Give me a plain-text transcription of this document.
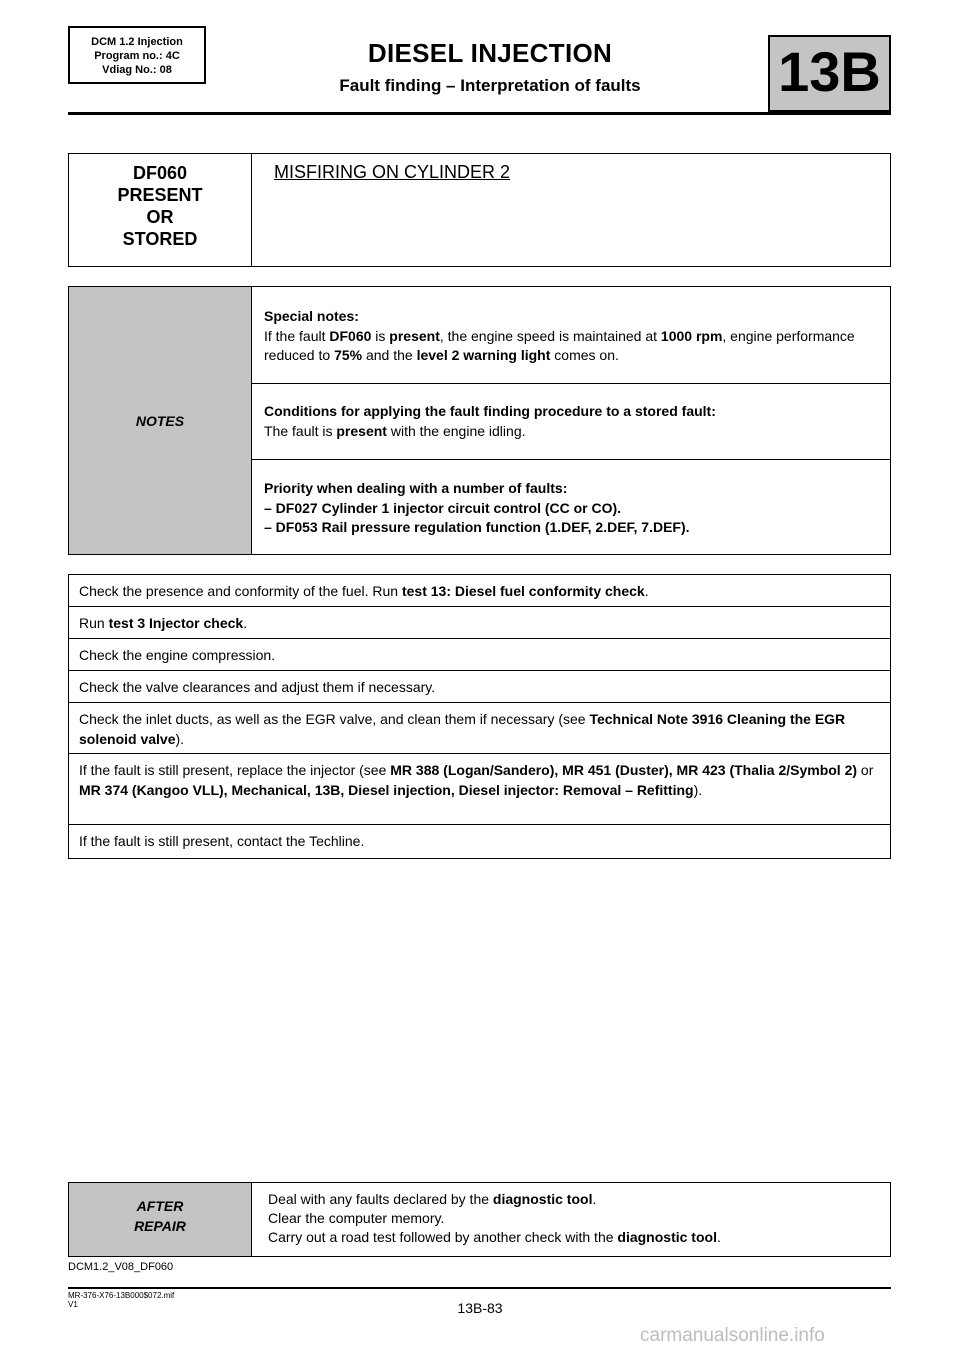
DCM 1.2 Injection
Program no.: 4C
Vdiag No.: 08
DIESEL INJECTION
Fault finding – Interpretation of faults	13B
DF060
PRESENT
OR
STORED
MISFIRING ON CYLINDER 2
NOTES
Special notes:
If the fault DF060 is present, the engine speed is maintained at 1000 rpm, engine performance reduced to 75% and the level 2 warning light comes on.
Conditions for applying the fault finding procedure to a stored fault:
The fault is present with the engine idling.
Priority when dealing with a number of faults:
– DF027 Cylinder 1 injector circuit control (CC or CO).
– DF053 Rail pressure regulation function (1.DEF, 2.DEF, 7.DEF).
Check the presence and conformity of the fuel. Run test 13: Diesel fuel conformity check.
Run test 3 Injector check.
Check the engine compression.
Check the valve clearances and adjust them if necessary.
Check the inlet ducts, as well as the EGR valve, and clean them if necessary (see Technical Note 3916 Cleaning the EGR solenoid valve).
If the fault is still present, replace the injector (see MR 388 (Logan/Sandero), MR 451 (Duster), MR 423 (Thalia 2/Symbol 2) or MR 374 (Kangoo VLL), Mechanical, 13B, Diesel injection, Diesel injector: Removal – Refitting).
If the fault is still present, contact the Techline.
AFTER
REPAIR
Deal with any faults declared by the diagnostic tool.
Clear the computer memory.
Carry out a road test followed by another check with the diagnostic tool.
DCM1.2_V08_DF060
MR-376-X76-13B000$072.mif
V1	13B-83
carmanualsonline.info
